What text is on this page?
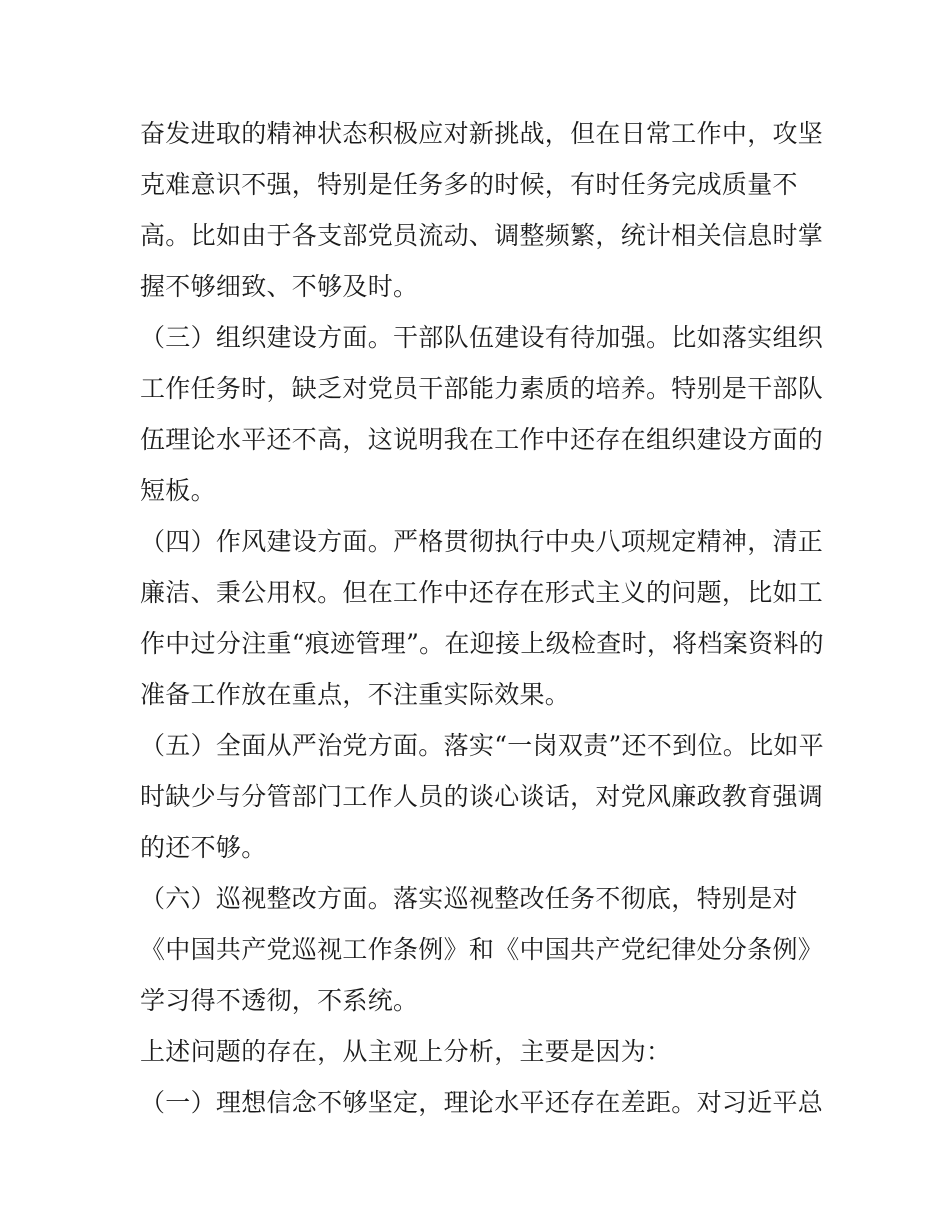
奋发进取的精神状态积极应对新挑战，但在日常工作中，攻坚
克难意识不强，特别是任务多的时候，有时任务完成质量不
高。比如由于各支部党员流动、调整频繁，统计相关信息时掌
握不够细致、不够及时。
（三）组织建设方面。干部队伍建设有待加强。比如落实组织
工作任务时，缺乏对党员干部能力素质的培养。特别是干部队
伍理论水平还不高，这说明我在工作中还存在组织建设方面的
短板。
（四）作风建设方面。严格贯彻执行中央八项规定精神，清正
廉洁、秉公用权。但在工作中还存在形式主义的问题，比如工
作中过分注重“痕迹管理”。在迎接上级检查时，将档案资料的
准备工作放在重点，不注重实际效果。
（五）全面从严治党方面。落实“一岗双责”还不到位。比如平
时缺少与分管部门工作人员的谈心谈话，对党风廉政教育强调
的还不够。
（六）巡视整改方面。落实巡视整改任务不彻底，特别是对
《中国共产党巡视工作条例》和《中国共产党纪律处分条例》
学习得不透彻，不系统。
上述问题的存在，从主观上分析，主要是因为：
（一）理想信念不够坚定，理论水平还存在差距。对习近平总
